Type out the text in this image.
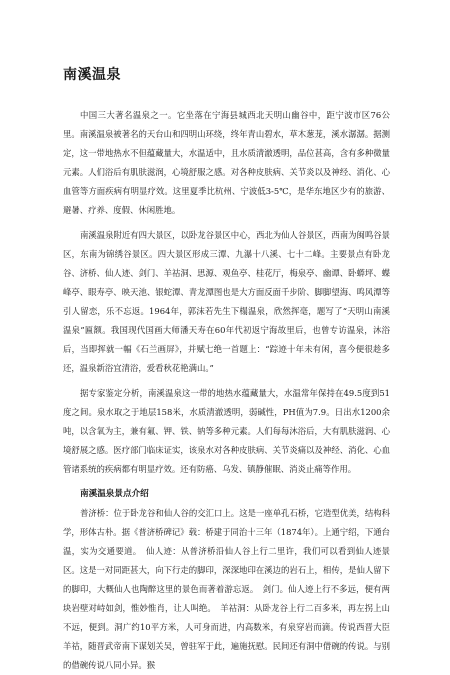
南溪温泉

中国三大著名温泉之一。它坐落在宁海县城西北天明山幽谷中，距宁波市区76公里。南溪温泉被著名的天台山和四明山环绕，终年青山碧水，草木葱茏，溪水潺潺。据测定，这一带地热水不但蕴藏量大，水温适中，且水质清澈透明，品位甚高，含有多种微量元素。人们浴后有肌肤滋润，心境舒服之感。对各种皮肤病、关节炎以及神经、消化、心血管等方面疾病有明显疗效。这里夏季比杭州、宁波低3-5℃，是华东地区少有的旅游、避暑、疗养、度假、休闲胜地。

南溪温泉附近有四大景区，以卧龙谷景区中心，西北为仙人谷景区，西南为闽鸣谷景区，东南为锦绣谷景区。四大景区形成三潭、九瀑十八溪、七十二峰。主要景点有卧龙谷、济桥、仙人迹、剑门、羊祜洞、思源、观鱼亭、桂花厅，梅泉亭、幽谭、卧蟒坪、蝶峰亭、眼寿亭、映天池、银蛇潭、青龙潭图也是大方面反面千步阶、脚脚望海、鸣风潭等引人留恋，乐不忘返。1964年，郭沫若先生下榻温泉，欣然挥毫，题写了“天明山南溪温泉”匾额。我国现代国画大师潘天寿在60年代初返宁海故里后，也曾专访温泉，沐浴后，当即挥就一幅《石兰画屏》，并赋七绝一首题上：“踪迹十年未有闲，喜今便很趁多还，温泉新浴宜清浴，爱看秋花艳满山。”

据专家鉴定分析，南溪温泉这一带的地热水蕴藏量大，水温常年保持在49.5度到51度之间。泉水取之于地层158米，水质清澈透明，弱碱性，PH值为7.9。日出水1200余吨，以含氧为主，兼有氟、钾、铁、钠等多种元素。人们每每沐浴后，大有肌肤滋润、心境舒展之感。医疗部门临床证实，该泉水对各种皮肤病、关节炎痛以及神经、消化、心血管诸系统的疾病都有明显疗效。还有防癌、乌发、镇静催眠、消炎止痛等作用。

南溪温泉景点介绍

普济桥：位于卧龙谷和仙人谷的交汇口上。这是一座单孔石桥，它造型优美，结构科学，形体古朴。据《普济桥碑记》载：桥建于同治十三年（1874年）。上通宁绍，下通台温，实为交通要道。　仙人迹：从普济桥沿仙人谷上行二里许，我们可以看到仙人迹景区。这是一对同距甚大，向下行走的脚印，深深地印在溪边的岩石上，相传，是仙人留下的脚印，大概仙人也陶醉这里的景色而著着游忘返。　剑门。仙人迹上行不多远，便有两块岩壁对峙如剑，惟妙惟肖，让人叫绝。　羊祜洞：从卧龙谷上行二百多米，再左拐上山不远，便到。洞广约10平方米，人可身而进，内高数米，有泉穿岩而滴。传说西晋大臣羊祜，随晋武帝南下谋划关吴，曾驻军于此，遍施抚慰。民间还有洞中借碗的传说。与别的借碗传说八同小异。猴
